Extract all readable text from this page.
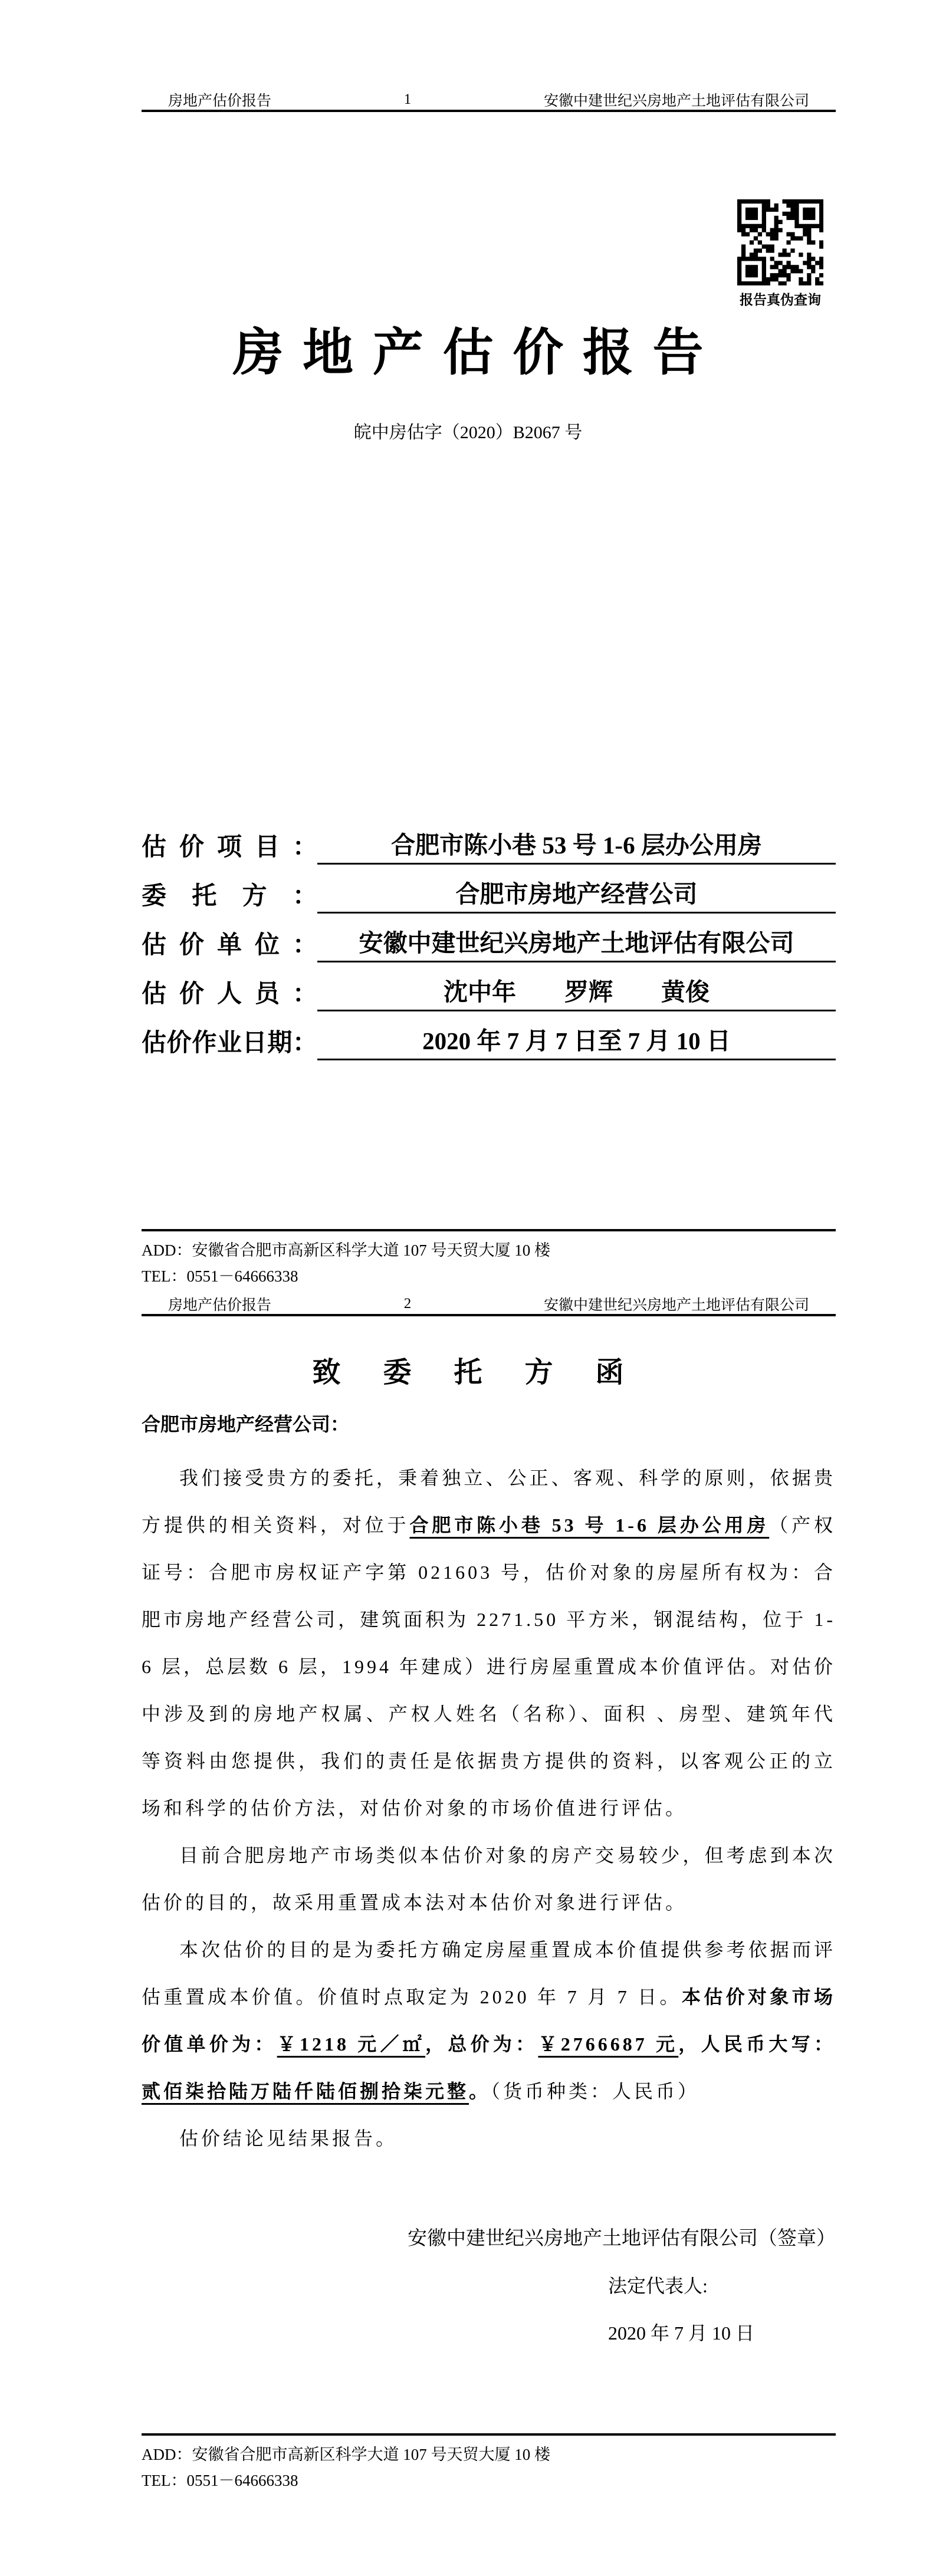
房地产估价报告	1	安徽中建世纪兴房地产土地评估有限公司
报告真伪查询
房地产估价报告
皖中房估字（2020）B2067 号
估价项目：	合肥市陈小巷 53 号 1-6 层办公用房
委托方：	合肥市房地产经营公司
估价单位：	安徽中建世纪兴房地产土地评估有限公司
估价人员：	沈中年　　罗辉　　黄俊
估价作业日期：	2020 年 7 月 7 日至 7 月 10 日
ADD：安徽省合肥市高新区科学大道 107 号天贸大厦 10 楼
TEL：0551－64666338
房地产估价报告	2	安徽中建世纪兴房地产土地评估有限公司
致委托方函
合肥市房地产经营公司：

我们接受贵方的委托，秉着独立、公正、客观、科学的原则，依据贵方提供的相关资料，对位于合肥市陈小巷 53 号 1-6 层办公用房（产权证号：合肥市房权证产字第 021603 号，估价对象的房屋所有权为：合肥市房地产经营公司，建筑面积为 2271.50 平方米，钢混结构，位于 1-6 层，总层数 6 层，1994 年建成）进行房屋重置成本价值评估。对估价中涉及到的房地产权属、产权人姓名（名称）、面积 、房型、建筑年代等资料由您提供，我们的责任是依据贵方提供的资料，以客观公正的立场和科学的估价方法，对估价对象的市场价值进行评估。

目前合肥房地产市场类似本估价对象的房产交易较少，但考虑到本次估价的目的，故采用重置成本法对本估价对象进行评估。

本次估价的目的是为委托方确定房屋重置成本价值提供参考依据而评估重置成本价值。价值时点取定为 2020 年 7 月 7 日。本估价对象市场价值单价为：￥1218 元／㎡，总价为：￥2766687 元，人民币大写：贰佰柒拾陆万陆仟陆佰捌拾柒元整。（货币种类：人民币）

估价结论见结果报告。

安徽中建世纪兴房地产土地评估有限公司（签章）
法定代表人:
2020 年 7 月 10 日
ADD：安徽省合肥市高新区科学大道 107 号天贸大厦 10 楼
TEL：0551－64666338
